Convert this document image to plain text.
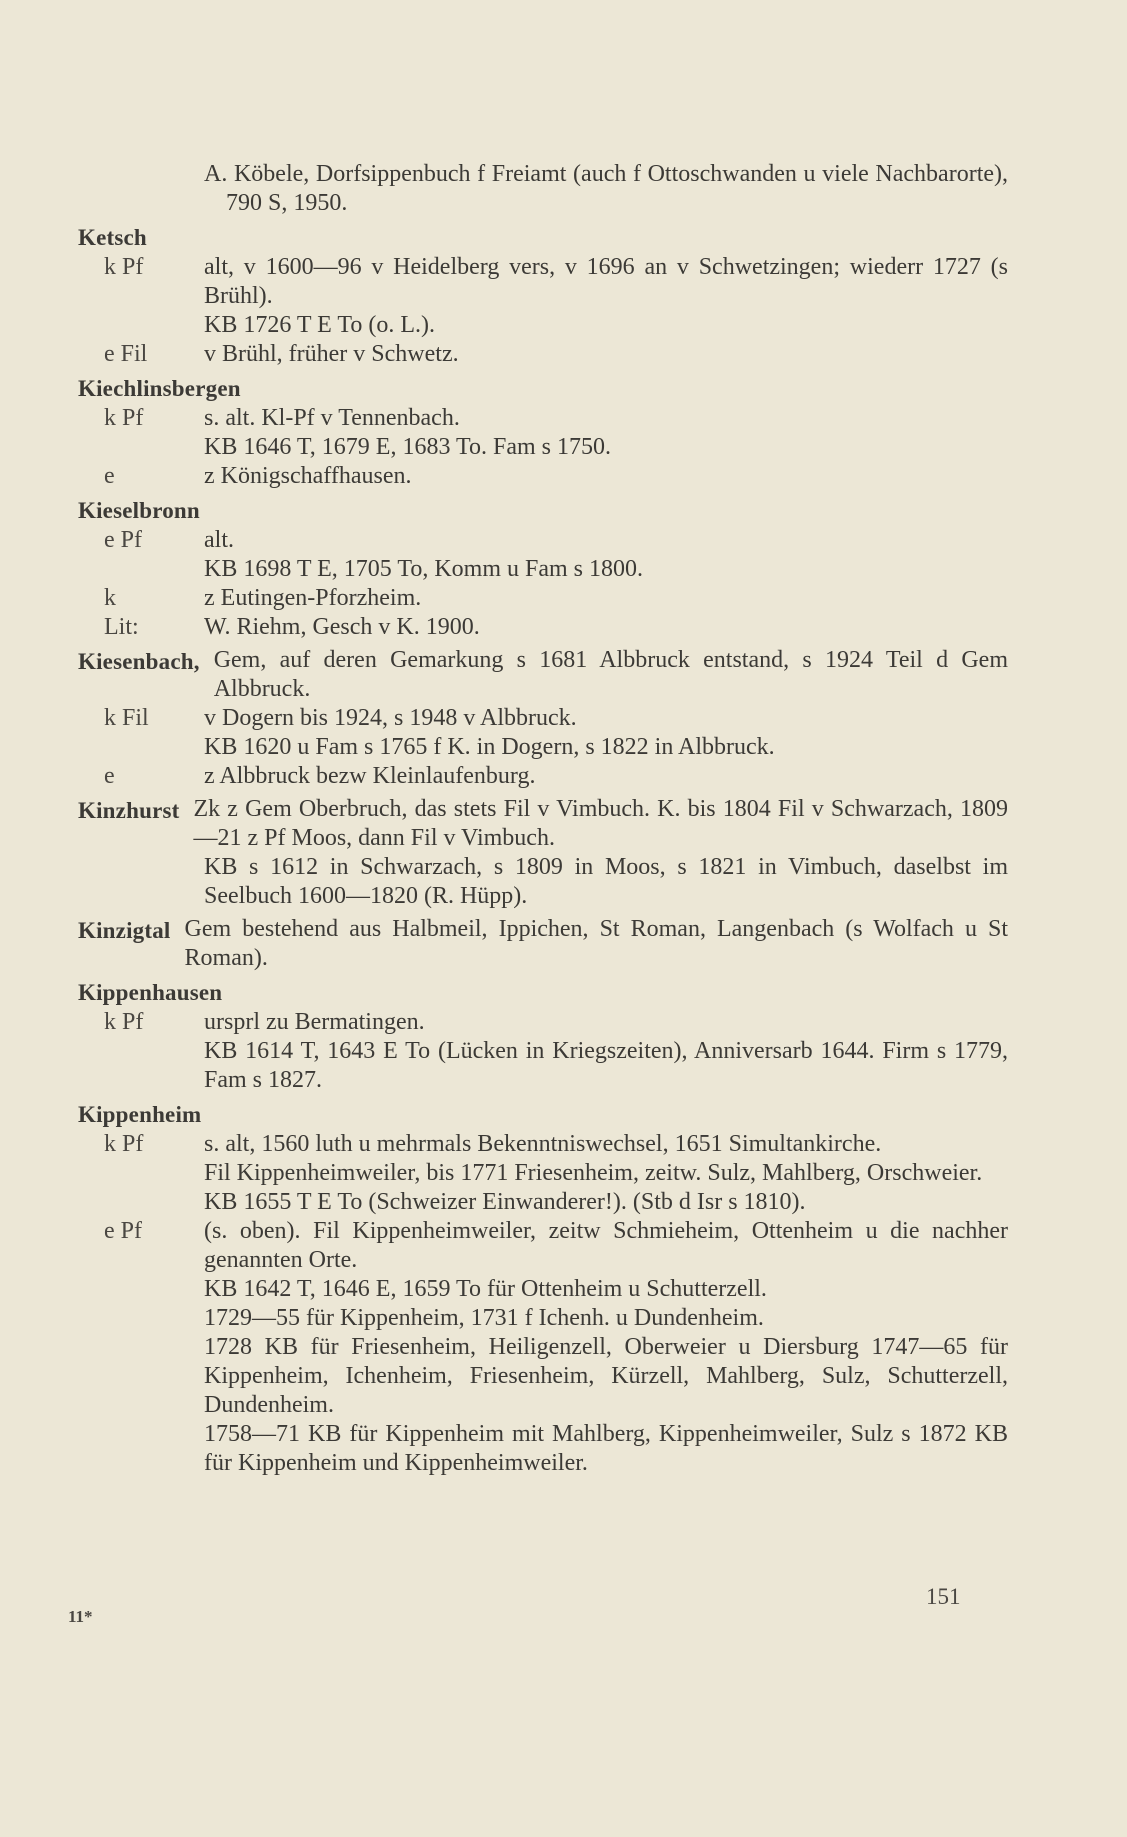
A. Köbele, Dorfsippenbuch f Freiamt (auch f Ottoschwanden u viele Nachbarorte), 790 S, 1950.
Ketsch
k Pf	alt, v 1600—96 v Heidelberg vers, v 1696 an v Schwetzingen; wiederr 1727 (s Brühl).
KB 1726 T E To (o. L.).
e Fil	v Brühl, früher v Schwetz.
Kiechlinsbergen
k Pf	s. alt. Kl-Pf v Tennenbach.
KB 1646 T, 1679 E, 1683 To. Fam s 1750.
e	z Königschaffhausen.
Kieselbronn
e Pf	alt.
KB 1698 T E, 1705 To, Komm u Fam s 1800.
k	z Eutingen-Pforzheim.
Lit:	W. Riehm, Gesch v K. 1900.
Kiesenbach, Gem, auf deren Gemarkung s 1681 Albbruck entstand, s 1924 Teil d Gem Albbruck.
k Fil	v Dogern bis 1924, s 1948 v Albbruck.
KB 1620 u Fam s 1765 f K. in Dogern, s 1822 in Albbruck.
e	z Albbruck bezw Kleinlaufenburg.
Kinzhurst Zk z Gem Oberbruch, das stets Fil v Vimbuch. K. bis 1804 Fil v Schwarzach, 1809—21 z Pf Moos, dann Fil v Vimbuch.
KB s 1612 in Schwarzach, s 1809 in Moos, s 1821 in Vimbuch, daselbst im Seelbuch 1600—1820 (R. Hüpp).
Kinzigtal Gem bestehend aus Halbmeil, Ippichen, St Roman, Langenbach (s Wolfach u St Roman).
Kippenhausen
k Pf	ursprl zu Bermatingen.
KB 1614 T, 1643 E To (Lücken in Kriegszeiten), Anniversarb 1644. Firm s 1779, Fam s 1827.
Kippenheim
k Pf	s. alt, 1560 luth u mehrmals Bekenntniswechsel, 1651 Simultankirche.
Fil Kippenheimweiler, bis 1771 Friesenheim, zeitw. Sulz, Mahlberg, Orschweier.
KB 1655 T E To (Schweizer Einwanderer!). (Stb d Isr s 1810).
e Pf	(s. oben). Fil Kippenheimweiler, zeitw Schmieheim, Ottenheim u die nachher genannten Orte.
KB 1642 T, 1646 E, 1659 To für Ottenheim u Schutterzell.
1729—55 für Kippenheim, 1731 f Ichenh. u Dundenheim.
1728 KB für Friesenheim, Heiligenzell, Oberweier u Diersburg 1747—65 für Kippenheim, Ichenheim, Friesenheim, Kürzell, Mahlberg, Sulz, Schutterzell, Dundenheim.
1758—71 KB für Kippenheim mit Mahlberg, Kippenheimweiler, Sulz s 1872 KB für Kippenheim und Kippenheimweiler.
151
11*
